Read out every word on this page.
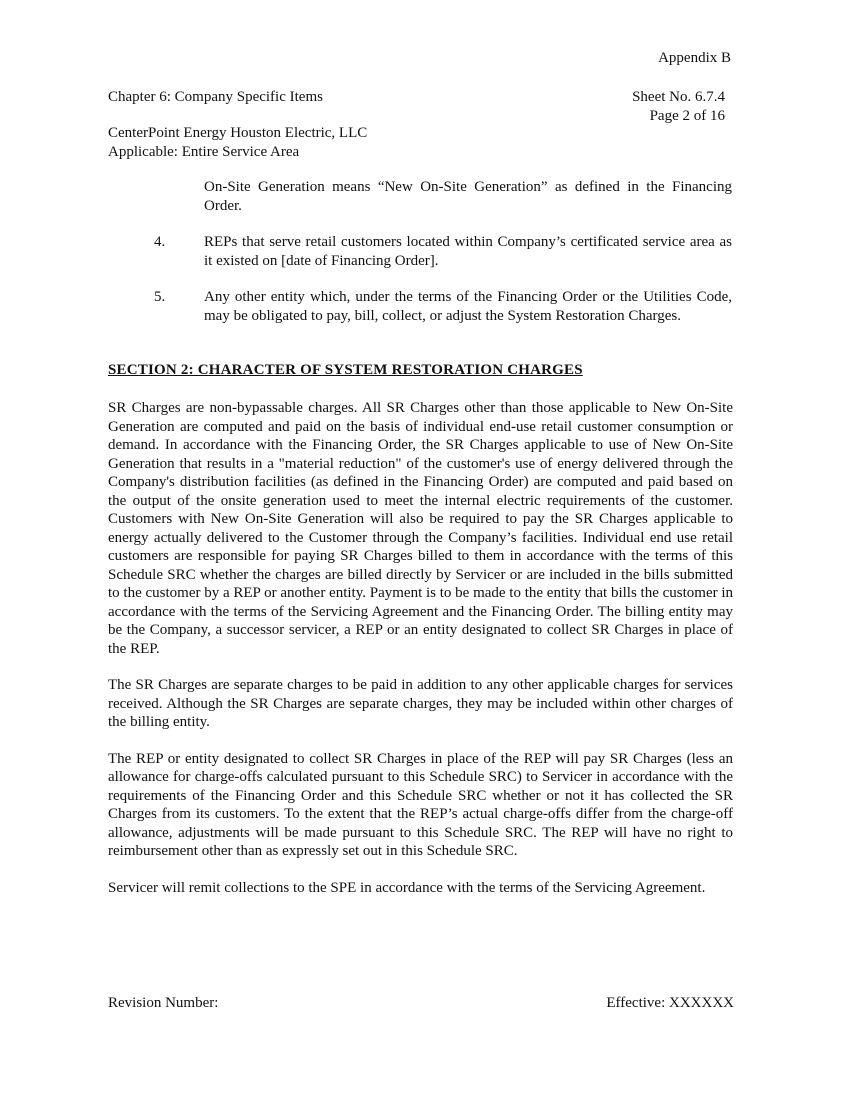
Appendix B
Chapter 6: Company Specific Items	Sheet No. 6.7.4
Page 2 of 16
CenterPoint Energy Houston Electric, LLC
Applicable: Entire Service Area
On-Site Generation means “New On-Site Generation” as defined in the Financing Order.
4.	REPs that serve retail customers located within Company’s certificated service area as it existed on [date of Financing Order].
5.	Any other entity which, under the terms of the Financing Order or the Utilities Code, may be obligated to pay, bill, collect, or adjust the System Restoration Charges.
SECTION 2: CHARACTER OF SYSTEM RESTORATION CHARGES

SR Charges are non-bypassable charges. All SR Charges other than those applicable to New On-Site Generation are computed and paid on the basis of individual end-use retail customer consumption or demand. In accordance with the Financing Order, the SR Charges applicable to use of New On-Site Generation that results in a "material reduction" of the customer's use of energy delivered through the Company's distribution facilities (as defined in the Financing Order) are computed and paid based on the output of the onsite generation used to meet the internal electric requirements of the customer. Customers with New On-Site Generation will also be required to pay the SR Charges applicable to energy actually delivered to the Customer through the Company’s facilities. Individual end use retail customers are responsible for paying SR Charges billed to them in accordance with the terms of this Schedule SRC whether the charges are billed directly by Servicer or are included in the bills submitted to the customer by a REP or another entity. Payment is to be made to the entity that bills the customer in accordance with the terms of the Servicing Agreement and the Financing Order. The billing entity may be the Company, a successor servicer, a REP or an entity designated to collect SR Charges in place of the REP.

The SR Charges are separate charges to be paid in addition to any other applicable charges for services received. Although the SR Charges are separate charges, they may be included within other charges of the billing entity.

The REP or entity designated to collect SR Charges in place of the REP will pay SR Charges (less an allowance for charge-offs calculated pursuant to this Schedule SRC) to Servicer in accordance with the requirements of the Financing Order and this Schedule SRC whether or not it has collected the SR Charges from its customers. To the extent that the REP’s actual charge-offs differ from the charge-off allowance, adjustments will be made pursuant to this Schedule SRC. The REP will have no right to reimbursement other than as expressly set out in this Schedule SRC.

Servicer will remit collections to the SPE in accordance with the terms of the Servicing Agreement.

Revision Number:	Effective: XXXXXX
